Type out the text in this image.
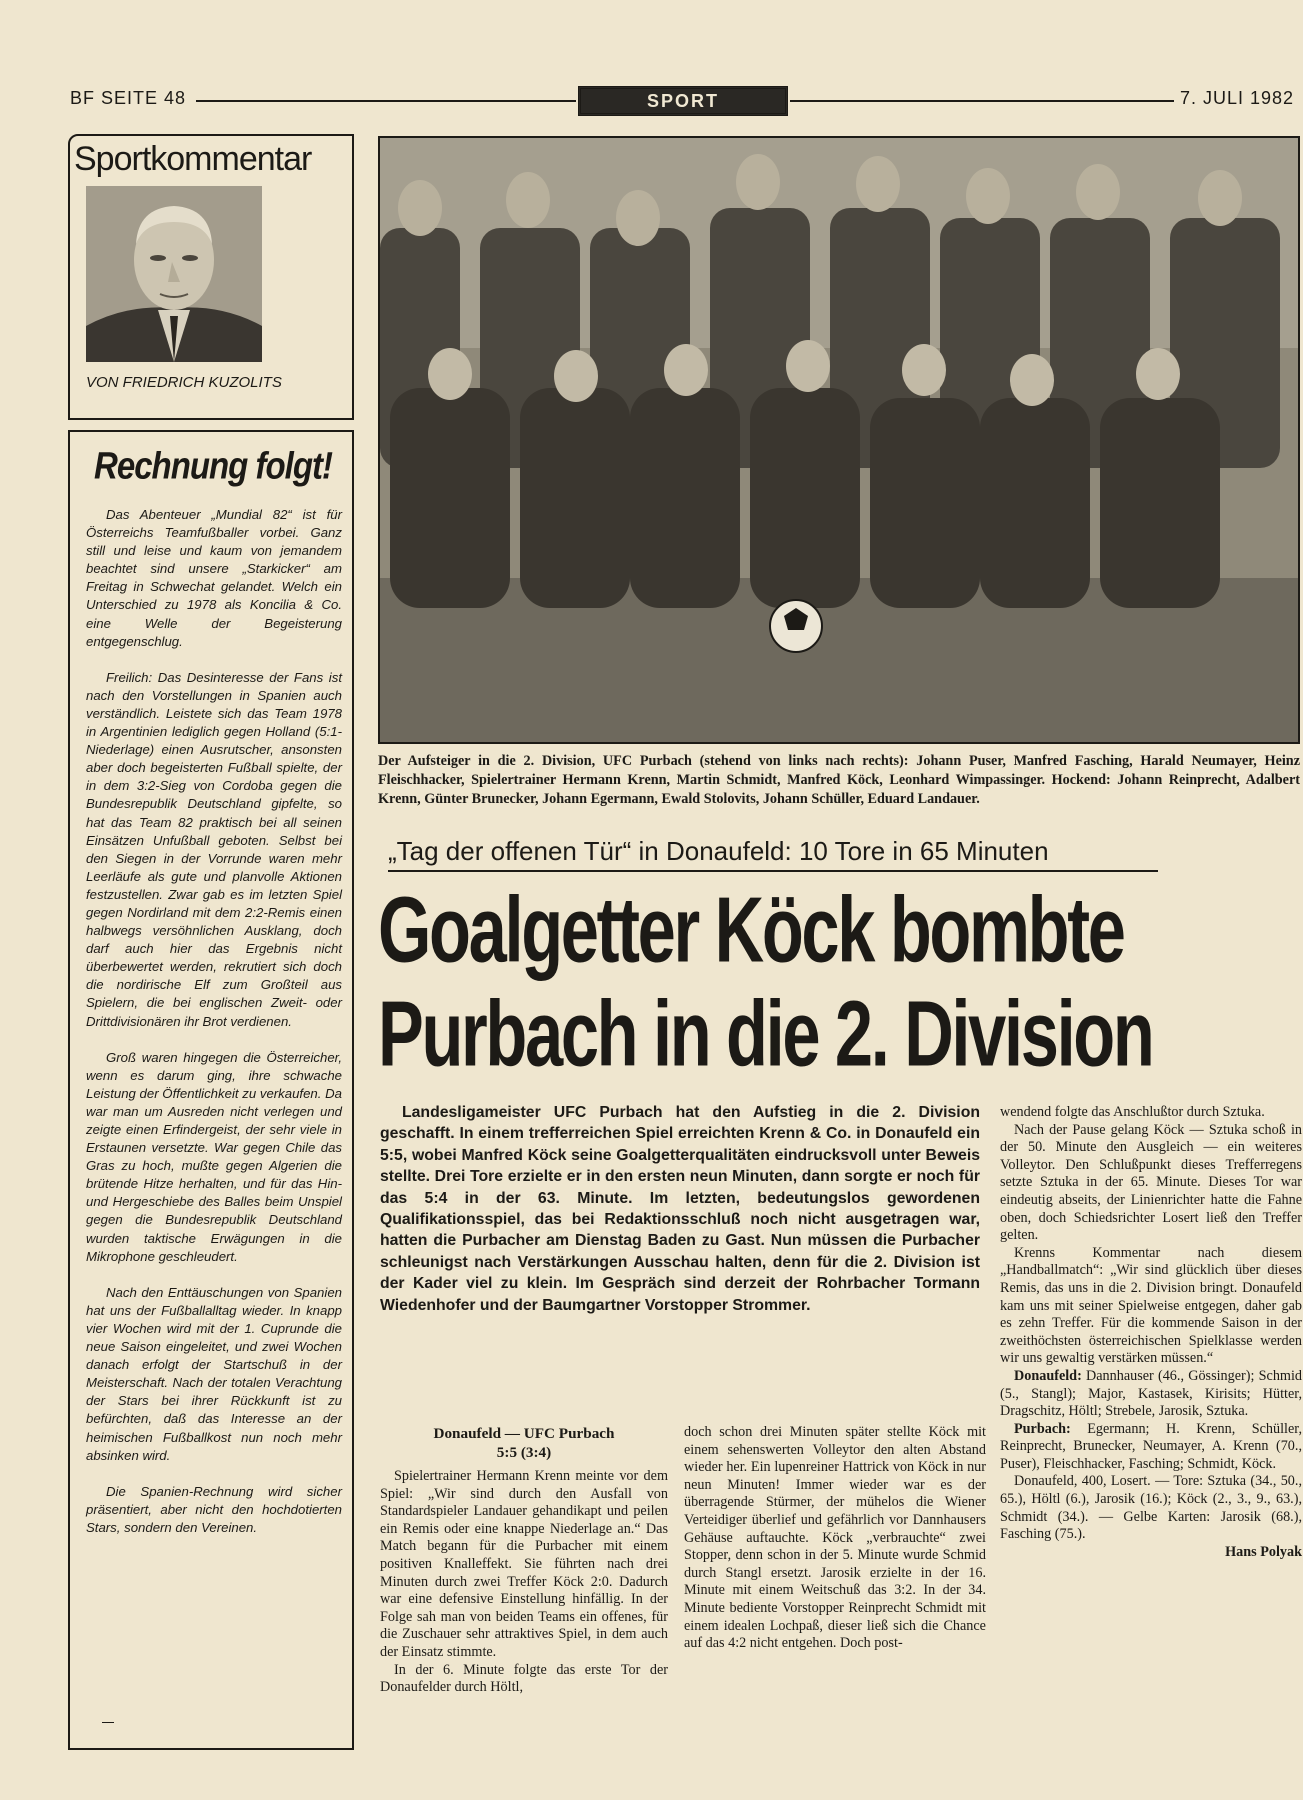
BF SEITE 48	SPORT	7. JULI 1982
Sportkommentar
VON FRIEDRICH KUZOLITS
Rechnung folgt!

Das Abenteuer „Mundial 82“ ist für Österreichs Teamfußballer vorbei. Ganz still und leise und kaum von jemandem beachtet sind unsere „Starkicker“ am Freitag in Schwechat gelandet. Welch ein Unterschied zu 1978 als Koncilia & Co. eine Welle der Begeisterung entgegenschlug.

Freilich: Das Desinteresse der Fans ist nach den Vorstellungen in Spanien auch verständlich. Leistete sich das Team 1978 in Argentinien lediglich gegen Holland (5:1-Niederlage) einen Ausrutscher, ansonsten aber doch begeisterten Fußball spielte, der in dem 3:2-Sieg von Cordoba gegen die Bundesrepublik Deutschland gipfelte, so hat das Team 82 praktisch bei all seinen Einsätzen Unfußball geboten. Selbst bei den Siegen in der Vorrunde waren mehr Leerläufe als gute und planvolle Aktionen festzustellen. Zwar gab es im letzten Spiel gegen Nordirland mit dem 2:2-Remis einen halbwegs versöhnlichen Ausklang, doch darf auch hier das Ergebnis nicht überbewertet werden, rekrutiert sich doch die nordirische Elf zum Großteil aus Spielern, die bei englischen Zweit- oder Drittdivisionären ihr Brot verdienen.

Groß waren hingegen die Österreicher, wenn es darum ging, ihre schwache Leistung der Öffentlichkeit zu verkaufen. Da war man um Ausreden nicht verlegen und zeigte einen Erfindergeist, der sehr viele in Erstaunen versetzte. War gegen Chile das Gras zu hoch, mußte gegen Algerien die brütende Hitze herhalten, und für das Hin- und Hergeschiebe des Balles beim Unspiel gegen die Bundesrepublik Deutschland wurden taktische Erwägungen in die Mikrophone geschleudert.

Nach den Enttäuschungen von Spanien hat uns der Fußballalltag wieder. In knapp vier Wochen wird mit der 1. Cuprunde die neue Saison eingeleitet, und zwei Wochen danach erfolgt der Startschuß in der Meisterschaft. Nach der totalen Verachtung der Stars bei ihrer Rückkunft ist zu befürchten, daß das Interesse an der heimischen Fußballkost nun noch mehr absinken wird.

Die Spanien-Rechnung wird sicher präsentiert, aber nicht den hochdotierten Stars, sondern den Vereinen.

Der Aufsteiger in die 2. Division, UFC Purbach (stehend von links nach rechts): Johann Puser, Manfred Fasching, Harald Neumayer, Heinz Fleischhacker, Spielertrainer Hermann Krenn, Martin Schmidt, Manfred Köck, Leonhard Wimpassinger. Hockend: Johann Reinprecht, Adalbert Krenn, Günter Brunecker, Johann Egermann, Ewald Stolovits, Johann Schüller, Eduard Landauer.
„Tag der offenen Tür“ in Donaufeld: 10 Tore in 65 Minuten
Goalgetter Köck bombte
Purbach in die 2. Division

Landesligameister UFC Purbach hat den Aufstieg in die 2. Division geschafft. In einem trefferreichen Spiel erreichten Krenn & Co. in Donaufeld ein 5:5, wobei Manfred Köck seine Goalgetterqualitäten eindrucksvoll unter Beweis stellte. Drei Tore erzielte er in den ersten neun Minuten, dann sorgte er noch für das 5:4 in der 63. Minute. Im letzten, bedeutungslos gewordenen Qualifikationsspiel, das bei Redaktionsschluß noch nicht ausgetragen war, hatten die Purbacher am Dienstag Baden zu Gast. Nun müssen die Purbacher schleunigst nach Verstärkungen Ausschau halten, denn für die 2. Division ist der Kader viel zu klein. Im Gespräch sind derzeit der Rohrbacher Tormann Wiedenhofer und der Baumgartner Vorstopper Strommer.

Donaufeld — UFC Purbach
5:5 (3:4)

Spielertrainer Hermann Krenn meinte vor dem Spiel: „Wir sind durch den Ausfall von Standardspieler Landauer gehandikapt und peilen ein Remis oder eine knappe Niederlage an.“ Das Match begann für die Purbacher mit einem positiven Knalleffekt. Sie führten nach drei Minuten durch zwei Treffer Köck 2:0. Dadurch war eine defensive Einstellung hinfällig. In der Folge sah man von beiden Teams ein offenes, für die Zuschauer sehr attraktives Spiel, in dem auch der Einsatz stimmte.

In der 6. Minute folgte das erste Tor der Donaufelder durch Höltl,

doch schon drei Minuten später stellte Köck mit einem sehenswerten Volleytor den alten Abstand wieder her. Ein lupenreiner Hattrick von Köck in nur neun Minuten! Immer wieder war es der überragende Stürmer, der mühelos die Wiener Verteidiger überlief und gefährlich vor Dannhausers Gehäuse auftauchte. Köck „verbrauchte“ zwei Stopper, denn schon in der 5. Minute wurde Schmid durch Stangl ersetzt. Jarosik erzielte in der 16. Minute mit einem Weitschuß das 3:2. In der 34. Minute bediente Vorstopper Reinprecht Schmidt mit einem idealen Lochpaß, dieser ließ sich die Chance auf das 4:2 nicht entgehen. Doch post-

wendend folgte das Anschlußtor durch Sztuka.

Nach der Pause gelang Köck — Sztuka schoß in der 50. Minute den Ausgleich — ein weiteres Volleytor. Den Schlußpunkt dieses Trefferregens setzte Sztuka in der 65. Minute. Dieses Tor war eindeutig abseits, der Linienrichter hatte die Fahne oben, doch Schiedsrichter Losert ließ den Treffer gelten.

Krenns Kommentar nach diesem „Handballmatch“: „Wir sind glücklich über dieses Remis, das uns in die 2. Division bringt. Donaufeld kam uns mit seiner Spielweise entgegen, daher gab es zehn Treffer. Für die kommende Saison in der zweithöchsten österreichischen Spielklasse werden wir uns gewaltig verstärken müssen.“

Donaufeld: Dannhauser (46., Gössinger); Schmid (5., Stangl); Major, Kastasek, Kirisits; Hütter, Dragschitz, Höltl; Strebele, Jarosik, Sztuka.

Purbach: Egermann; H. Krenn, Schüller, Reinprecht, Brunecker, Neumayer, A. Krenn (70., Puser), Fleischhacker, Fasching; Schmidt, Köck.

Donaufeld, 400, Losert. — Tore: Sztuka (34., 50., 65.), Höltl (6.), Jarosik (16.); Köck (2., 3., 9., 63.), Schmidt (34.). — Gelbe Karten: Jarosik (68.), Fasching (75.).

Hans Polyak
